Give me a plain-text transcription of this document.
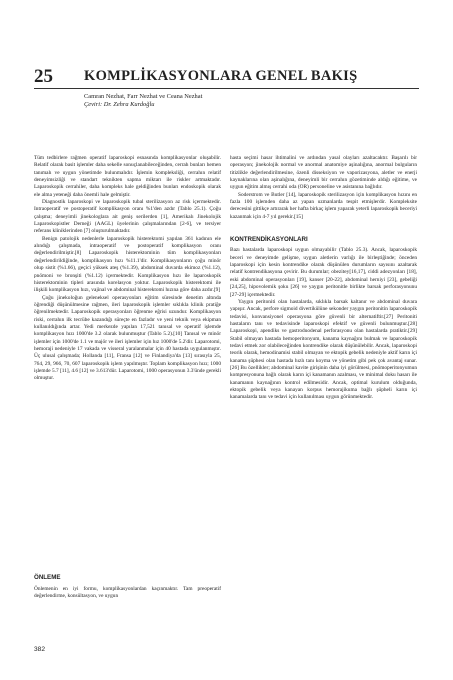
25 KOMPLİKASYONLARA GENEL BAKIŞ
Camran Nezhat, Farr Nezhat ve Ceana Nezhat
Çeviri: Dr. Zehra Kurdoğlu

Tüm tedbirlere rağmen operatif laparoskopi esnasında komplikasyonlar oluşabilir. Relatif olarak basit işlemler daha sekelle sonuçlanabileceğinden, cerrah bunları hemen tanımalı ve uygun yönetimde bulunmalıdır. İşlemin kompleksliği, cerrahın relatif deneyimsizliği ve standart teknikten sapma miktarı ile riskler artmaktadır. Laparoskopik cerrahiler, daha kompleks hale geldiğinden bunları endoskopik olarak ele alma yeteneği daha önemli hale gelmiştir.

Diagnostik laparoskopi ve laparoskopik tubal sterilizasyon az risk içermektedir. Intraoperatif ve postoperatif komplikasyon oranı %1'den azdır (Tablo 25.1). Çoğu çalışma; deneyimli jinekologlara ait geniş serilerden [1], Amerikalı Jinekolojik Laparoskopistler Derneği (AAGL) üyelerinin çalışmalarından [2-6], ve tersiyer referans kliniklerinden [7] oluşturulmaktadır.

Benign patolojik nedenlerle laparoskopik histerektomi yapılan 361 kadının ele alındığı çalışmada, intraoperatif ve postoperatif komplikasyon oranı değerlendirilmiştir.[8] Laparoskopik histerektominin tüm komplikasyonları değerlendirildiğinde, komplikasyon hızı %11.1'dir. Komplikasyonların çoğu minör olup sistit (%1.66), geçici yüksek ateş (%1.39), abdominal duvarda ekimoz (%1.12), pnömoni ve bronşiti (%1.12) içermektedir. Komplikasyon hızı ile laparoskopik histerektominin tipleri arasında korelasyon yoktur. Laparoskopik histerektomi ile ilişkili komplikasyon hızı, vajinal ve abdominal histerektomi hızına göre daha azdır.[9]

Çoğu jinekoloğun geleneksel operasyonları eğitim süresinde denetim altında öğrendiği düşünülmesine rağmen, ileri laparoskopik işlemler sıklıkla klinik pratiğe öğrenilmektedir. Laparoskopik operasyonları öğrenme eğrisi uzundur. Komplikasyon riski, cerrahın ilk tecrübe kazandığı süreçte en fazladır ve yeni teknik veya ekipman kullanıldığında artar. Yedi merkezde yapılan 17,521 tanısal ve operatif işlemde komplikasyon hızı 1000'de 3.2 olarak bulunmuştur (Tablo 5.2).[10] Tanısal ve minör işlemler için 1000'de 1.1 ve majör ve ileri işlemler için hız 1000'de 5.2'dir. Laparotomi, hemoraji nedeniyle 17 vakada ve visseral yaralanmalar için 40 hastada uygulanmıştır. Üç ulusal çalışmada; Hollanda [11], Fransa [12] ve Finlandiya'da [13] sırasıyla 25, 764, 29, 966, 70, 607 laparoskopik işlem yapılmıştır. Toplam komplikasyon hızı; 1000 işlemde 5.7 [11], 4.6 [12] ve 3.613'dür. Laparotomi, 1000 operasyonun 3.3'ünde gerekli olmuştur.

ÖNLEME

Önlemenin en iyi formu, komplikasyonlardan kaçınmaktır. Tam preoperatif değerlendirme, konsültasyon, ve uygun

hasta seçimi hasar ihtimalini ve ardından yasal olayları azaltacaktır. Başarılı bir operasyon; jinekolojik normal ve anormal anatomiye aşinalığına, anormal bulguların titizlikle değerlendirilmesine, özenli disseksiyon ve vaporizasyona, aletler ve enerji kaynaklarına olan aşinalığına, deneyimli bir cerrahın gözetiminde aldığı eğitime, ve uygun eğitim almış cerrahi oda (OR) personeline ve asistanına bağlıdır.

Soderstrom ve Butler [14], laparoskopik sterilizasyon için komplikasyon hızını en fazla 100 işlemden daha az yapan uzmanlarda tespit etmişlerdir. Kompleksite derecesini gittikçe artırarak her hafta birkaç işlem yaparak yeterli laparoskopik beceriyi kazanmak için 4-7 yıl gerekir.[15]

KONTRENDİKASYONLARI

Bazı hastalarda laparoskopi uygun olmayabilir (Tablo 25.3). Ancak, laparoskopik beceri ve deneyimde gelişme, uygun aletlerin varlığı ile birleştiğinde; önceden laparoskopi için kesin kontrendike olarak düşünülen durumların sayısını azaltarak relatif kontrendikasyona çevirir. Bu durumlar; obezitey[16,17], ciddi adezyonları [18], eski abdominal operasyonları [19], kanser [20-22], abdominal herniyi [23], gebeliği [24,25], hipovolemik şoku [26] ve yaygın peritonitle birlikte barsak perforasyonunu [27-29] içermektedir.

Yaygın peritoniti olan hastalarda, sıklıkla barsak kaltanır ve abdominal duvara yapışır. Ancak, perfore sigmoid divertikülüne sekonder yaygın peritonitin laparoskopik tedavisi, konvansiyonel operasyona göre güvenli bir alternatiftir.[27] Peritoniti hastaların tanı ve tedavisinde laparoskopi efektif ve güvenli bulunmuştur.[28] Laparoskopi, apendiks ve gastroduodenal perforasyonu olan hastalarda pratiktir.[29] Stabil olmayan hastada hemoperitonyum, kanama kaynağını bulmak ve laparoskopik tedavi etmek zor olabileceğinden kontrendike olarak düşünülebilir. Ancak, laparoskopi teorik olarak, hemodinamisi stabil olmayan ve ektopik gebelik nedeniyle aktif karın içi kanama şüphesi olan hastada hızlı tanı koyma ve yönetim gibi pek çok avantaj sunar.[26] Bu özellikler; abdominal kavite girişinin daha iyi görülmesi, pnömoperitonyumun kompresyonuna bağlı olarak karın içi kanamanın azalması, ve minimal doku hasarı ile kanamanın kaynağının kontrol edilmesidir. Ancak, optimal kurulum olduğunda, ektopik gebelik veya kanayan korpus hemorajikuma bağlı şüpheli karın içi kanamalarda tanı ve tedavi için kullanılması uygun görünmektedir.

382
